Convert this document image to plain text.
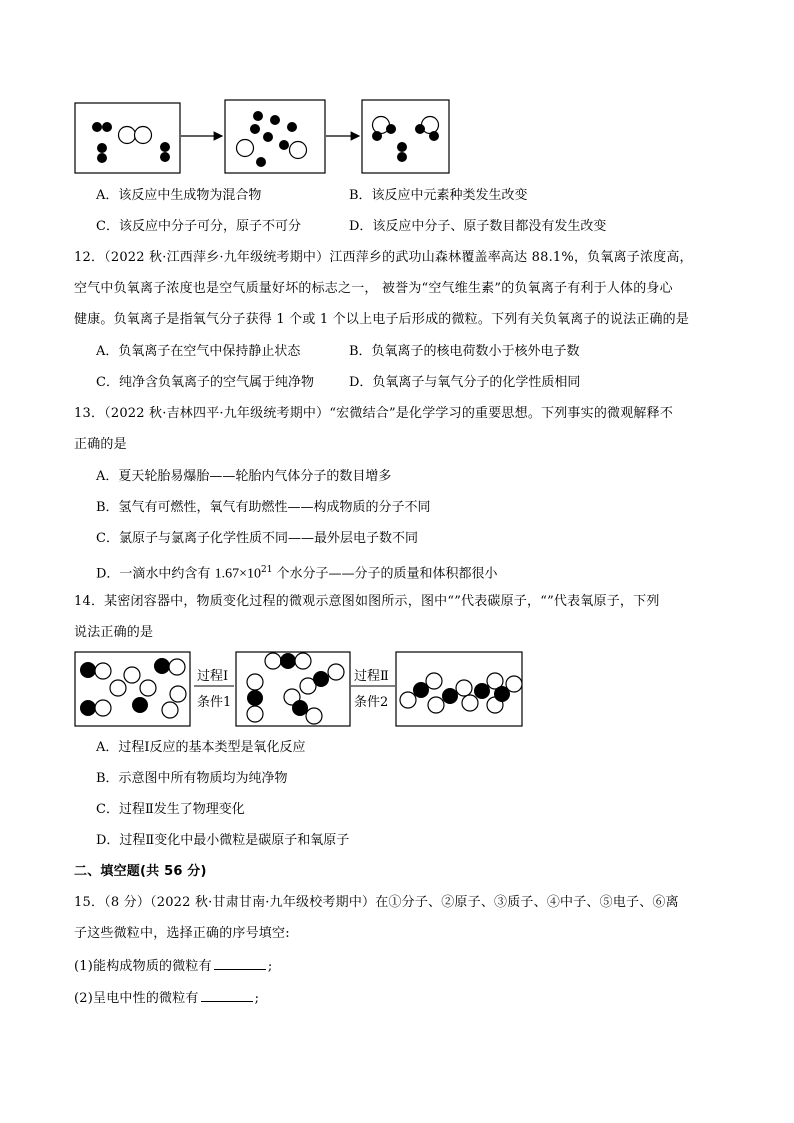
A．该反应中生成物为混合物	B．该反应中元素种类发生改变
C．该反应中分子可分，原子不可分	D．该反应中分子、原子数目都没有发生改变
12．（2022 秋·江西萍乡·九年级统考期中）江西萍乡的武功山森林覆盖率高达 88.1%，负氧离子浓度高，
空气中负氧离子浓度也是空气质量好坏的标志之一， 被誉为“空气维生素”的负氧离子有利于人体的身心
健康。负氧离子是指氧气分子获得 1 个或 1 个以上电子后形成的微粒。下列有关负氧离子的说法正确的是
A．负氧离子在空气中保持静止状态	B．负氧离子的核电荷数小于核外电子数
C．纯净含负氧离子的空气属于纯净物	D．负氧离子与氧气分子的化学性质相同
13．（2022 秋·吉林四平·九年级统考期中）“宏微结合”是化学学习的重要思想。下列事实的微观解释不
正确的是
A．夏天轮胎易爆胎——轮胎内气体分子的数目增多
B．氢气有可燃性，氧气有助燃性——构成物质的分子不同
C．氯原子与氯离子化学性质不同——最外层电子数不同
D．一滴水中约含有 $1.67\times 10^{21}$ 个水分子——分子的质量和体积都很小
14．某密闭容器中，物质变化过程的微观示意图如图所示，图中“”代表碳原子，“”代表氧原子，下列
说法正确的是
过程Ⅰ
条件1
过程Ⅱ
条件2
A．过程Ⅰ反应的基本类型是氧化反应
B．示意图中所有物质均为纯净物
C．过程Ⅱ发生了物理变化
D．过程Ⅱ变化中最小微粒是碳原子和氧原子
二、填空题(共 56 分)
15．（8 分）（2022 秋·甘肃甘南·九年级校考期中）在①分子、②原子、③质子、④中子、⑤电子、⑥离
子这些微粒中，选择正确的序号填空:
(1)能构成物质的微粒有	;
(2)呈电中性的微粒有	;
